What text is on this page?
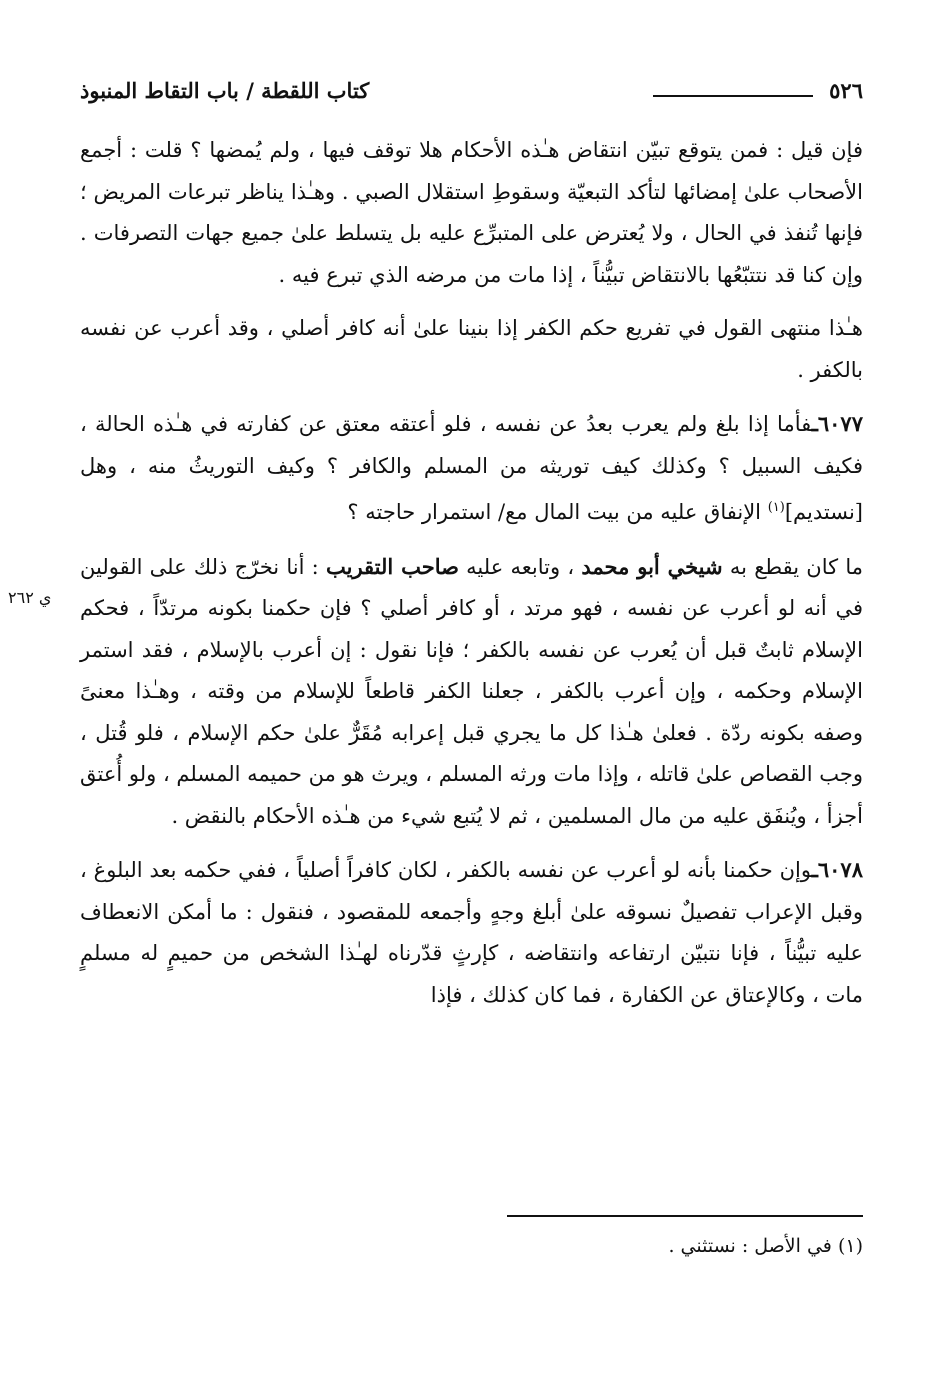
٥٢٦
كتاب اللقطة / باب التقاط المنبوذ

فإن قيل : فمن يتوقع تبيّن انتقاض هـٰذه الأحكام هلا توقف فيها ، ولم يُمضها ؟ قلت : أجمع الأصحاب علىٰ إمضائها لتأكد التبعيّة وسقوطِ استقلال الصبي . وهـٰذا يناظر تبرعات المريض ؛ فإنها تُنفذ في الحال ، ولا يُعترض على المتبرِّع عليه بل يتسلط علىٰ جميع جهات التصرفات . وإن كنا قد نتتبّعُها بالانتقاض تبيُّناً ، إذا مات من مرضه الذي تبرع فيه .

هـٰذا منتهى القول في تفريع حكم الكفر إذا بنينا علىٰ أنه كافر أصلي ، وقد أعرب عن نفسه بالكفر .

٦٠٧٧ـفأما إذا بلغ ولم يعرب بعدُ عن نفسه ، فلو أعتقه معتق عن كفارته في هـٰذه الحالة ، فكيف السبيل ؟ وكذلك كيف توريثه من المسلم والكافر ؟ وكيف التوريثُ منه ، وهل [نستديم]$^{(١)}$ الإنفاق عليه من بيت المال مع/ استمرار حاجته ؟

ما كان يقطع به شيخي أبو محمد ، وتابعه عليه صاحب التقريب : أنا نخرّج ذلك على القولين في أنه لو أعرب عن نفسه ، فهو مرتد ، أو كافر أصلي ؟ فإن حكمنا بكونه مرتدّاً ، فحكم الإسلام ثابتٌ قبل أن يُعرب عن نفسه بالكفر ؛ فإنا نقول : إن أعرب بالإسلام ، فقد استمر الإسلام وحكمه ، وإن أعرب بالكفر ، جعلنا الكفر قاطعاً للإسلام من وقته ، وهـٰذا معنىً وصفه بكونه ردّة . فعلىٰ هـٰذا كل ما يجري قبل إعرابه مُقَرٌّ علىٰ حكم الإسلام ، فلو قُتل ، وجب القصاص علىٰ قاتله ، وإذا مات ورثه المسلم ، ويرث هو من حميمه المسلم ، ولو أُعتق أجزأ ، ويُنفَق عليه من مال المسلمين ، ثم لا يُتبع شيء من هـٰذه الأحكام بالنقض .

٦٠٧٨ـوإن حكمنا بأنه لو أعرب عن نفسه بالكفر ، لكان كافراً أصلياً ، ففي حكمه بعد البلوغ ، وقبل الإعراب تفصيلٌ نسوقه علىٰ أبلغ وجهٍ وأجمعه للمقصود ، فنقول : ما أمكن الانعطاف عليه تبيُّناً ، فإنا نتبيّن ارتفاعه وانتقاضه ، كإرثٍ قدّرناه لهـٰذا الشخص من حميمٍ له مسلمٍ مات ، وكالإعتاق عن الكفارة ، فما كان كذلك ، فإذا

ي ٢٦٢
(١) في الأصل : نستثني .
